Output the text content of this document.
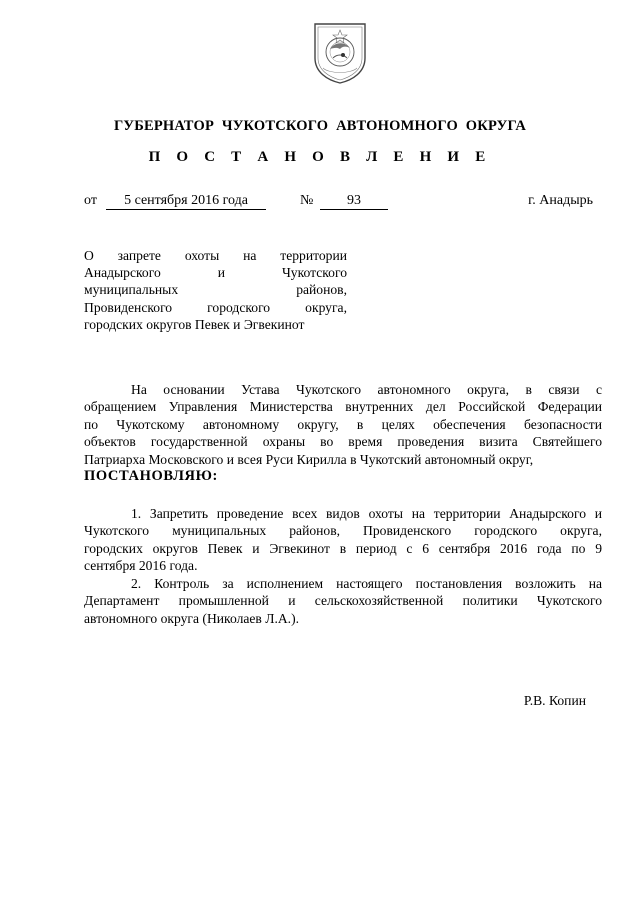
ГУБЕРНАТОР ЧУКОТСКОГО АВТОНОМНОГО ОКРУГА
П О С Т А Н О В Л Е Н И Е
от	5 сентября 2016 года	№	93	г. Анадырь
О запрете охоты на территории
Анадырского и Чукотского
муниципальных районов,
Провиденского городского округа,
городских округов Певек и Эгвекинот
На основании Устава Чукотского автономного округа, в связи с
обращением Управления Министерства внутренних дел Российской Федерации
по Чукотскому автономному округу, в целях обеспечения безопасности
объектов государственной охраны во время проведения визита Святейшего
Патриарха Московского и всея Руси Кирилла в Чукотский автономный округ,
ПОСТАНОВЛЯЮ:
1. Запретить проведение всех видов охоты на территории Анадырского и
Чукотского муниципальных районов, Провиденского городского округа,
городских округов Певек и Эгвекинот в период с 6 сентября 2016 года по 9
сентября 2016 года.
2. Контроль за исполнением настоящего постановления возложить на
Департамент промышленной и сельскохозяйственной политики Чукотского
автономного округа (Николаев Л.А.).
Р.В. Копин
